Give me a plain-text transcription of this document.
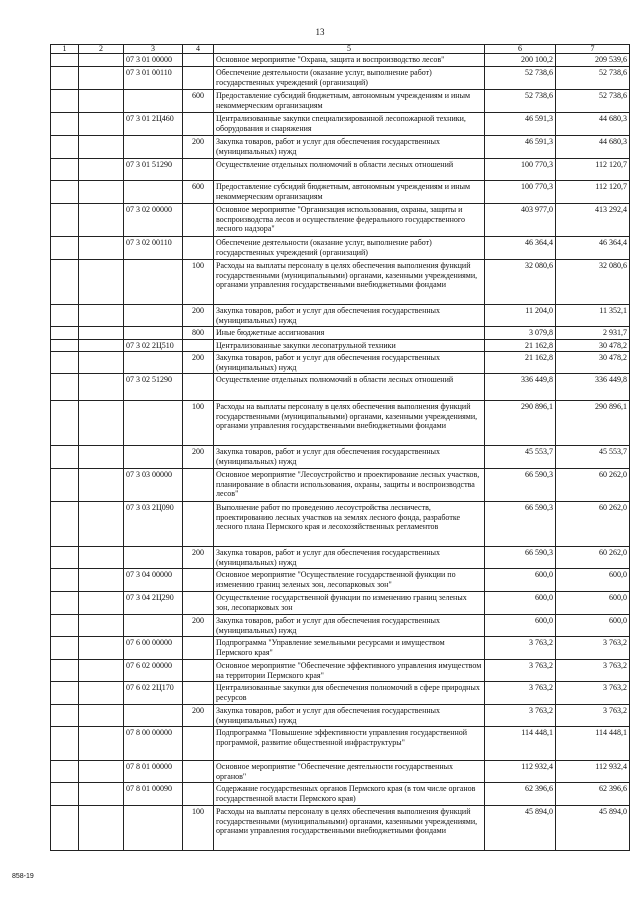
13
1	2	3	4	5	6	7
		07 3 01 00000		Основное мероприятие "Охрана, защита и воспроизводство лесов"	200 100,2	209 539,6
		07 3 01 00110		Обеспечение деятельности (оказание услуг, выполнение работ) государственных учреждений (организаций)	52 738,6	52 738,6
			600	Предоставление субсидий бюджетным, автономным учреждениям и иным некоммерческим организациям	52 738,6	52 738,6
		07 3 01 2Ц460		Централизованные закупки специализированной лесопожарной техники, оборудования и снаряжения	46 591,3	44 680,3
			200	Закупка товаров, работ и услуг для обеспечения государственных (муниципальных) нужд	46 591,3	44 680,3
		07 3 01 51290		Осуществление отдельных полномочий в области лесных отношений	100 770,3	112 120,7
			600	Предоставление субсидий бюджетным, автономным учреждениям и иным некоммерческим организациям	100 770,3	112 120,7
		07 3 02 00000		Основное мероприятие "Организация использования, охраны, защиты и воспроизводства лесов и осуществление федерального государственного лесного надзора"	403 977,0	413 292,4
		07 3 02 00110		Обеспечение деятельности (оказание услуг, выполнение работ) государственных учреждений (организаций)	46 364,4	46 364,4
			100	Расходы на выплаты персоналу в целях обеспечения выполнения функций государственными (муниципальными) органами, казенными учреждениями, органами управления государственными внебюджетными фондами	32 080,6	32 080,6
			200	Закупка товаров, работ и услуг для обеспечения государственных (муниципальных) нужд	11 204,0	11 352,1
			800	Иные бюджетные ассигнования	3 079,8	2 931,7
		07 3 02 2Ц510		Централизованные закупки лесопатрульной техники	21 162,8	30 478,2
			200	Закупка товаров, работ и услуг для обеспечения государственных (муниципальных) нужд	21 162,8	30 478,2
		07 3 02 51290		Осуществление отдельных полномочий в области лесных отношений	336 449,8	336 449,8
			100	Расходы на выплаты персоналу в целях обеспечения выполнения функций государственными (муниципальными) органами, казенными учреждениями, органами управления государственными внебюджетными фондами	290 896,1	290 896,1
			200	Закупка товаров, работ и услуг для обеспечения государственных (муниципальных) нужд	45 553,7	45 553,7
		07 3 03 00000		Основное мероприятие "Лесоустройство и проектирование лесных участков, планирование в области использования, охраны, защиты и воспроизводства лесов"	66 590,3	60 262,0
		07 3 03 2Ц090		Выполнение работ по проведению лесоустройства лесничеств, проектированию лесных участков на землях лесного фонда, разработке лесного плана Пермского края и лесохозяйственных регламентов	66 590,3	60 262,0
			200	Закупка товаров, работ и услуг для обеспечения государственных (муниципальных) нужд	66 590,3	60 262,0
		07 3 04 00000		Основное мероприятие "Осуществление государственной функции по изменению границ зеленых зон, лесопарковых зон"	600,0	600,0
		07 3 04 2Ц290		Осуществление государственной функции по изменению границ зеленых зон, лесопарковых зон	600,0	600,0
			200	Закупка товаров, работ и услуг для обеспечения государственных (муниципальных) нужд	600,0	600,0
		07 6 00 00000		Подпрограмма "Управление земельными ресурсами и имуществом Пермского края"	3 763,2	3 763,2
		07 6 02 00000		Основное мероприятие "Обеспечение эффективного управления имуществом на территории Пермского края"	3 763,2	3 763,2
		07 6 02 2Ц170		Централизованные закупки для обеспечения полномочий в сфере природных ресурсов	3 763,2	3 763,2
			200	Закупка товаров, работ и услуг для обеспечения государственных (муниципальных) нужд	3 763,2	3 763,2
		07 8 00 00000		Подпрограмма "Повышение эффективности управления государственной программой, развитие общественной инфраструктуры"	114 448,1	114 448,1
		07 8 01 00000		Основное мероприятие "Обеспечение деятельности государственных органов"	112 932,4	112 932,4
		07 8 01 00090		Содержание государственных органов Пермского края (в том числе органов государственной власти Пермского края)	62 396,6	62 396,6
			100	Расходы на выплаты персоналу в целях обеспечения выполнения функций государственными (муниципальными) органами, казенными учреждениями, органами управления государственными внебюджетными фондами	45 894,0	45 894,0
858-19
